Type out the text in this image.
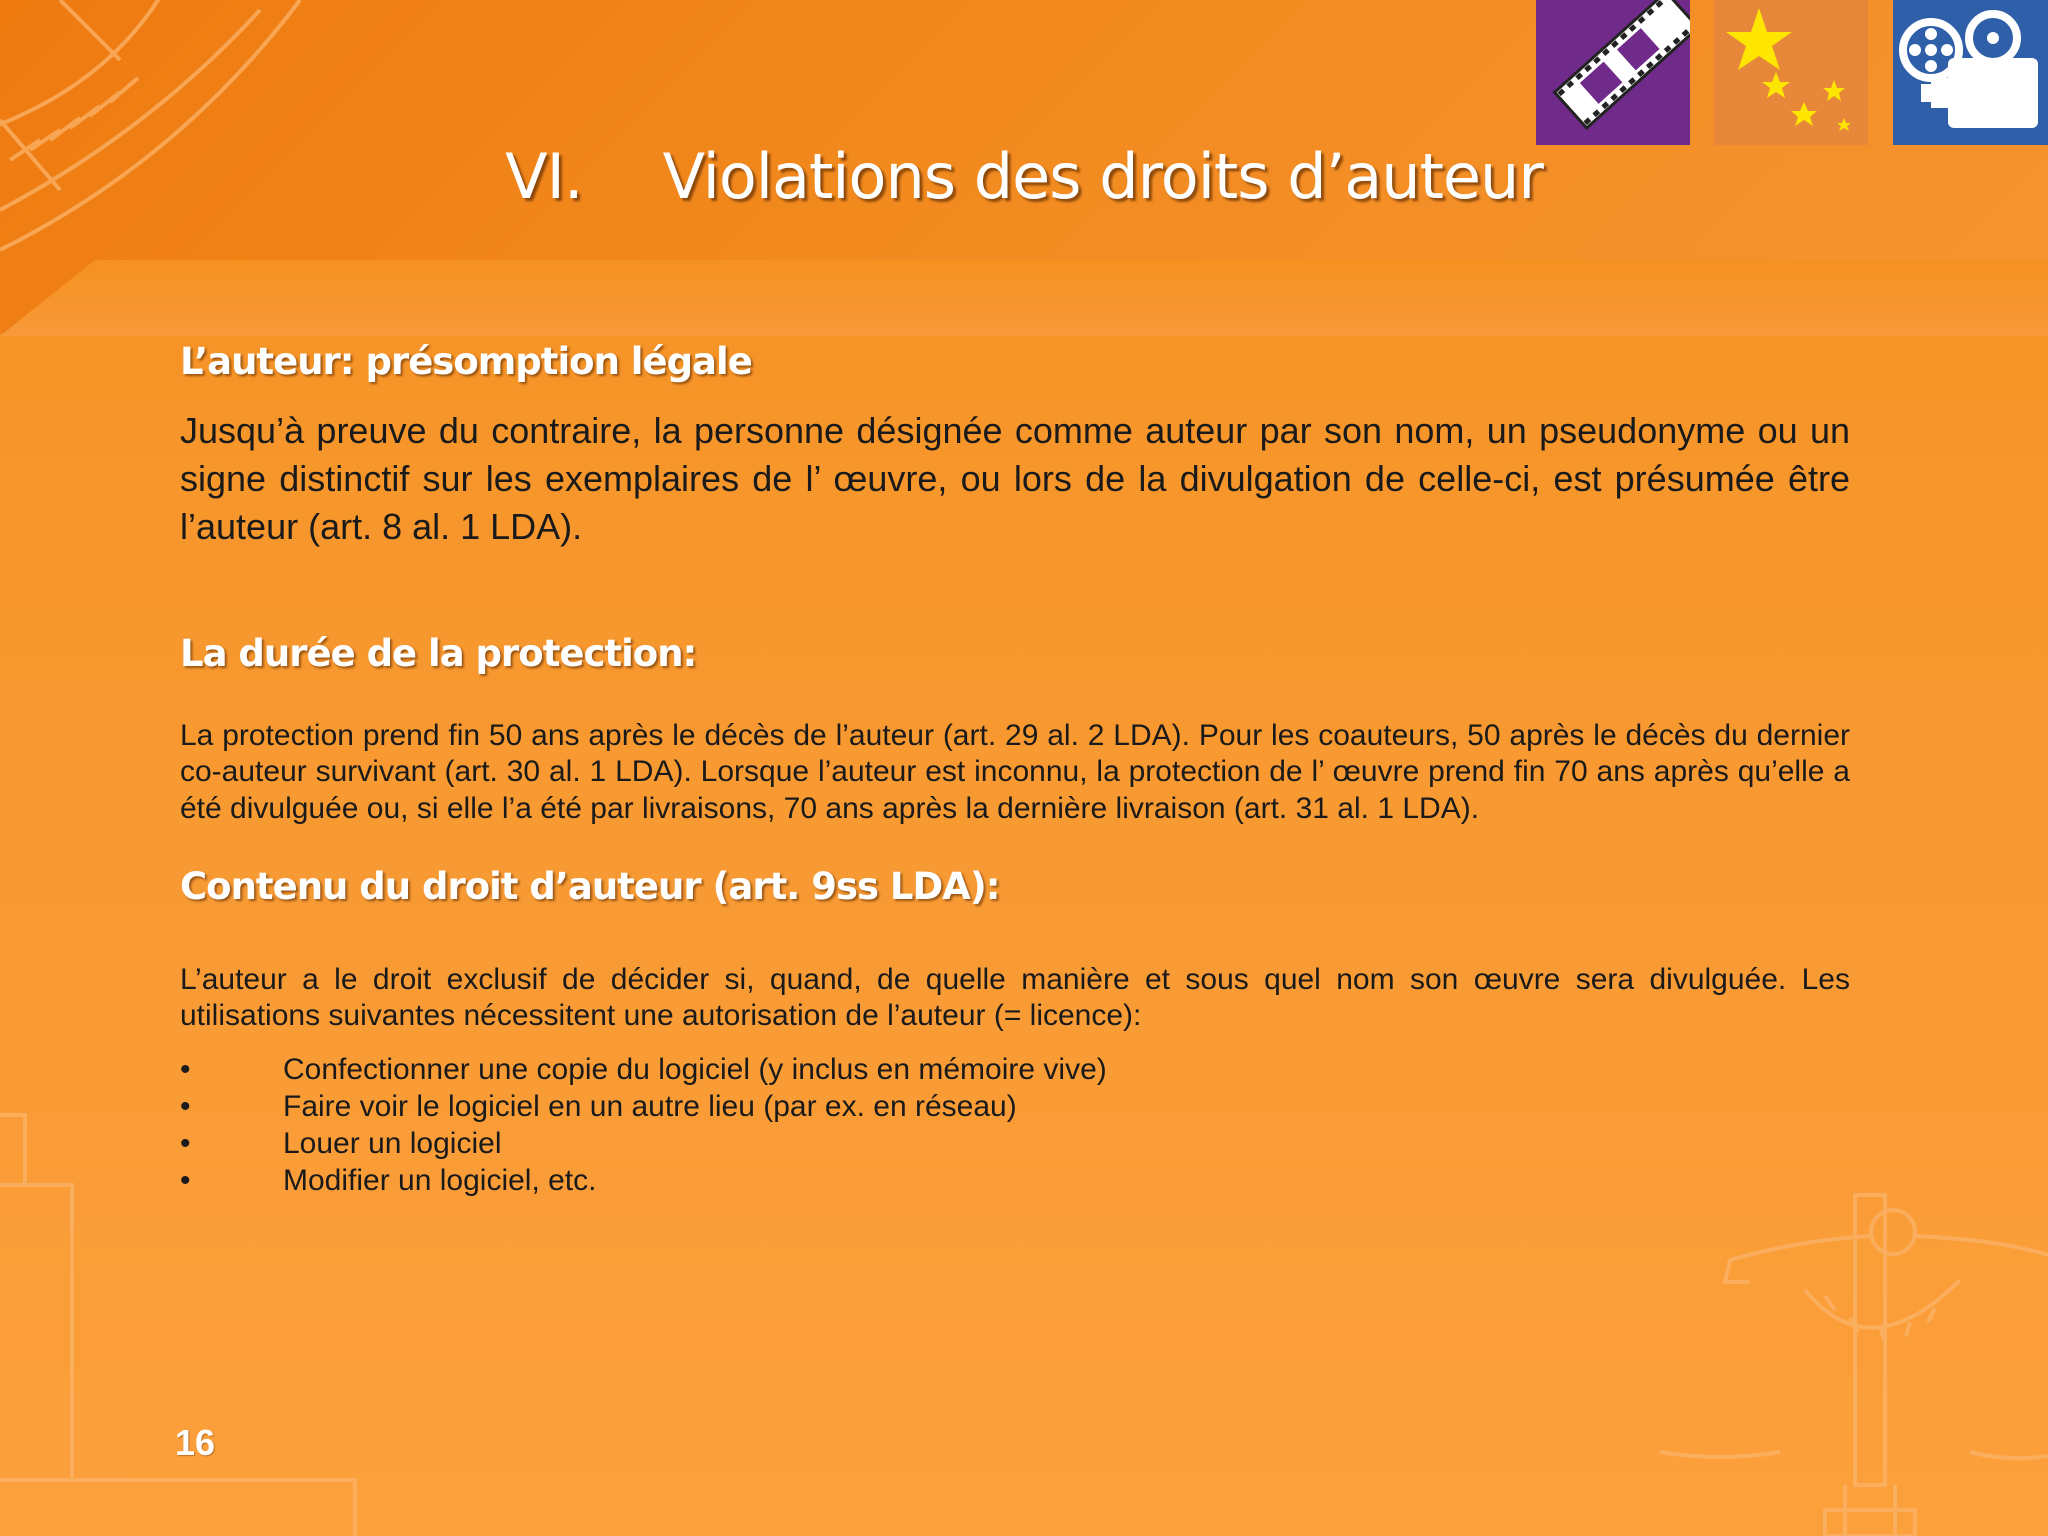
VI. Violations des droits d’auteur
L’auteur: présomption légale

Jusqu’à preuve du contraire, la personne désignée comme auteur par son nom, un pseudonyme ou un signe distinctif sur les exemplaires de l’ œuvre, ou lors de la divulgation de celle-ci, est présumée être l’auteur (art. 8 al. 1 LDA).

La durée de la protection:

La protection prend fin 50 ans après le décès de l’auteur (art. 29 al. 2 LDA). Pour les coauteurs, 50 après le décès du dernier co-auteur survivant (art. 30 al. 1 LDA). Lorsque l’auteur est inconnu, la protection de l’ œuvre prend fin 70 ans après qu’elle a été divulguée ou, si elle l’a été par livraisons, 70 ans après la dernière livraison (art. 31 al. 1 LDA).

Contenu du droit d’auteur (art. 9ss LDA):

L’auteur a le droit exclusif de décider si, quand, de quelle manière et sous quel nom son œuvre sera divulguée. Les utilisations suivantes nécessitent une autorisation de l’auteur (= licence):

•	Confectionner une copie du logiciel (y inclus en mémoire vive)
•	Faire voir le logiciel en un autre lieu (par ex. en réseau)
•	Louer un logiciel
•	Modifier un logiciel, etc.
16
